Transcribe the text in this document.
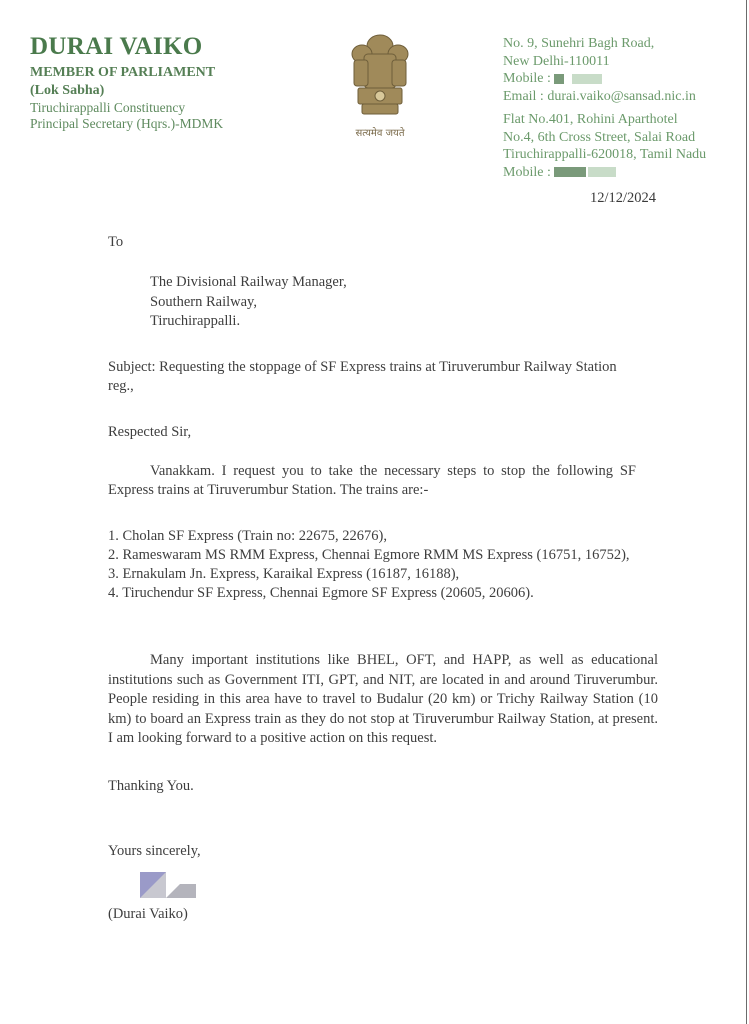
DURAI VAIKO
MEMBER OF PARLIAMENT
(Lok Sabha)
Tiruchirappalli Constituency
Principal Secretary (Hqrs.)-MDMK
सत्यमेव जयते
No. 9, Sunehri Bagh Road,
New Delhi-110011
Mobile :
Email : durai.vaiko@sansad.nic.in
Flat No.401, Rohini Aparthotel
No.4, 6th Cross Street, Salai Road
Tiruchirappalli-620018, Tamil Nadu
Mobile :
12/12/2024
To
The Divisional Railway Manager,
Southern Railway,
Tiruchirappalli.
Subject: Requesting the stoppage of SF Express trains at Tiruverumbur Railway Station reg.,
Respected Sir,
Vanakkam. I request you to take the necessary steps to stop the following SF Express trains at Tiruverumbur Station. The trains are:-
1. Cholan SF Express (Train no: 22675, 22676),
2. Rameswaram MS RMM Express, Chennai Egmore RMM MS Express (16751, 16752),
3. Ernakulam Jn. Express, Karaikal Express (16187, 16188),
4. Tiruchendur SF Express, Chennai Egmore SF Express (20605, 20606).
Many important institutions like BHEL, OFT, and HAPP, as well as educational institutions such as Government ITI, GPT, and NIT, are located in and around Tiruverumbur. People residing in this area have to travel to Budalur (20 km) or Trichy Railway Station (10 km) to board an Express train as they do not stop at Tiruverumbur Railway Station, at present. I am looking forward to a positive action on this request.
Thanking You.
Yours sincerely,
(Durai Vaiko)
